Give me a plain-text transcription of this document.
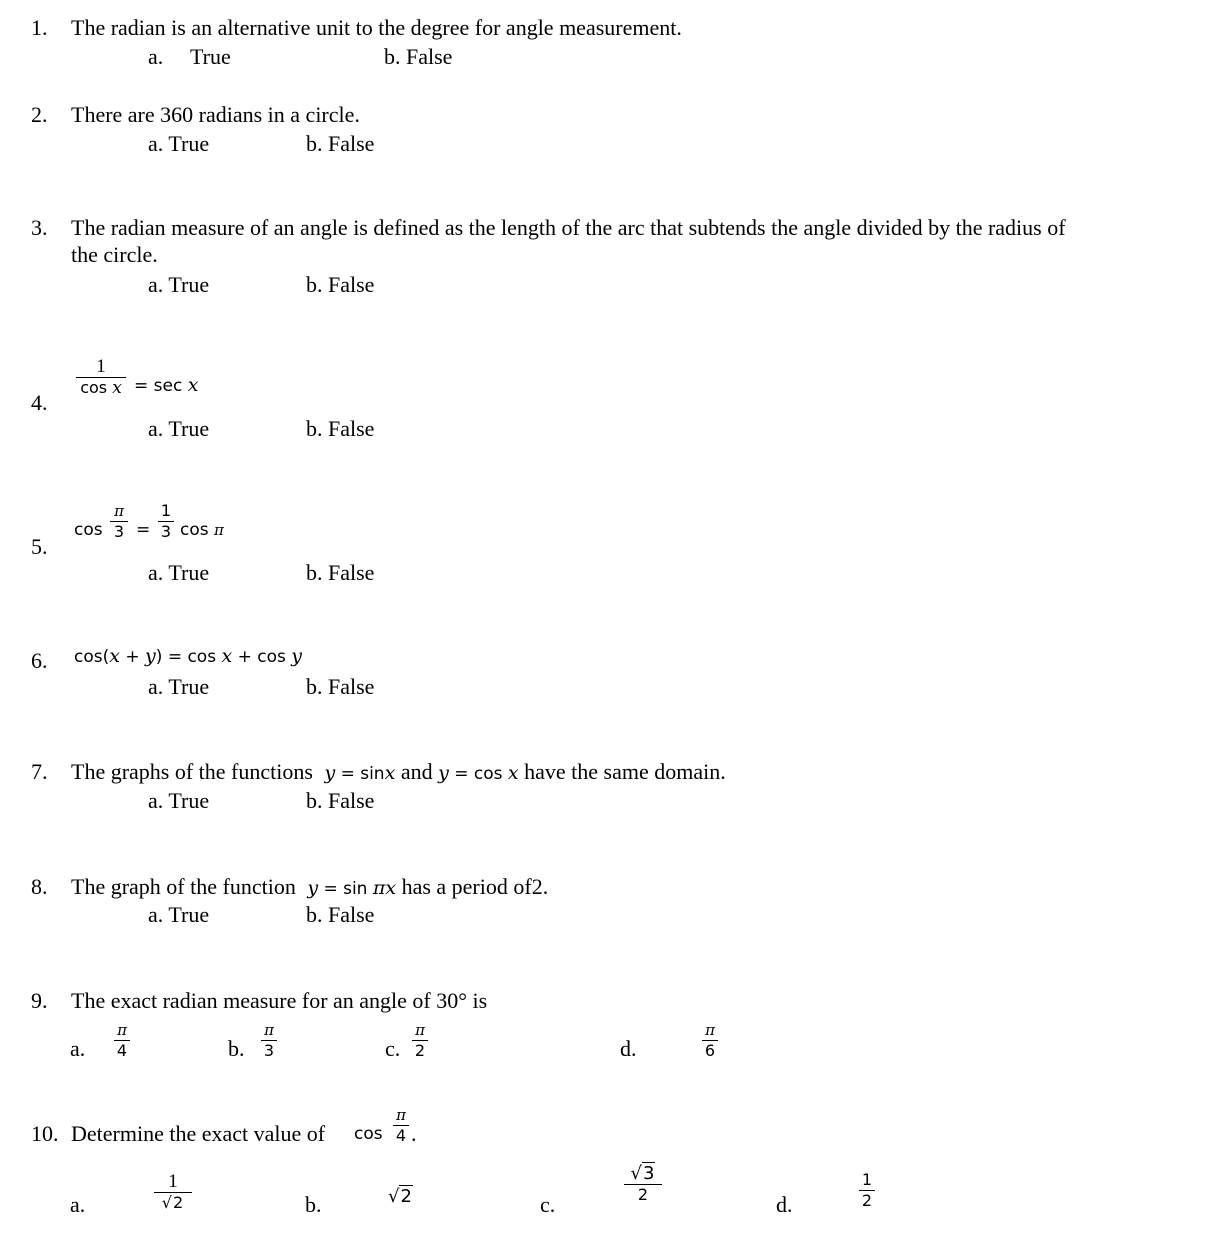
1. The radian is an alternative unit to the degree for angle measurement.
a. True	b. False
2. There are 360 radians in a circle.
a. True	b. False
3. The radian measure of an angle is defined as the length of the arc that subtends the angle divided by the radius of
the circle.
a. True	b. False
4.
1
cos x = sec x
a. True	b. False
5.
cos
π
3 =
1
3 cos π
a. True	b. False
6. cos(x + y) = cos x + cos y
a. True	b. False
7. The graphs of the functions y = sinx and y = cos x have the same domain.
a. True	b. False
8. The graph of the function y = sin πx has a period of2.
a. True	b. False
9. The exact radian measure for an angle of 30° is
a.
π
4	b.
π
3	c.
π
2	d.
π
6
10. Determine the exact value of cos
π
4 .
a.
1
√2	b.	√2	c.
√3
2	d.
1
2
